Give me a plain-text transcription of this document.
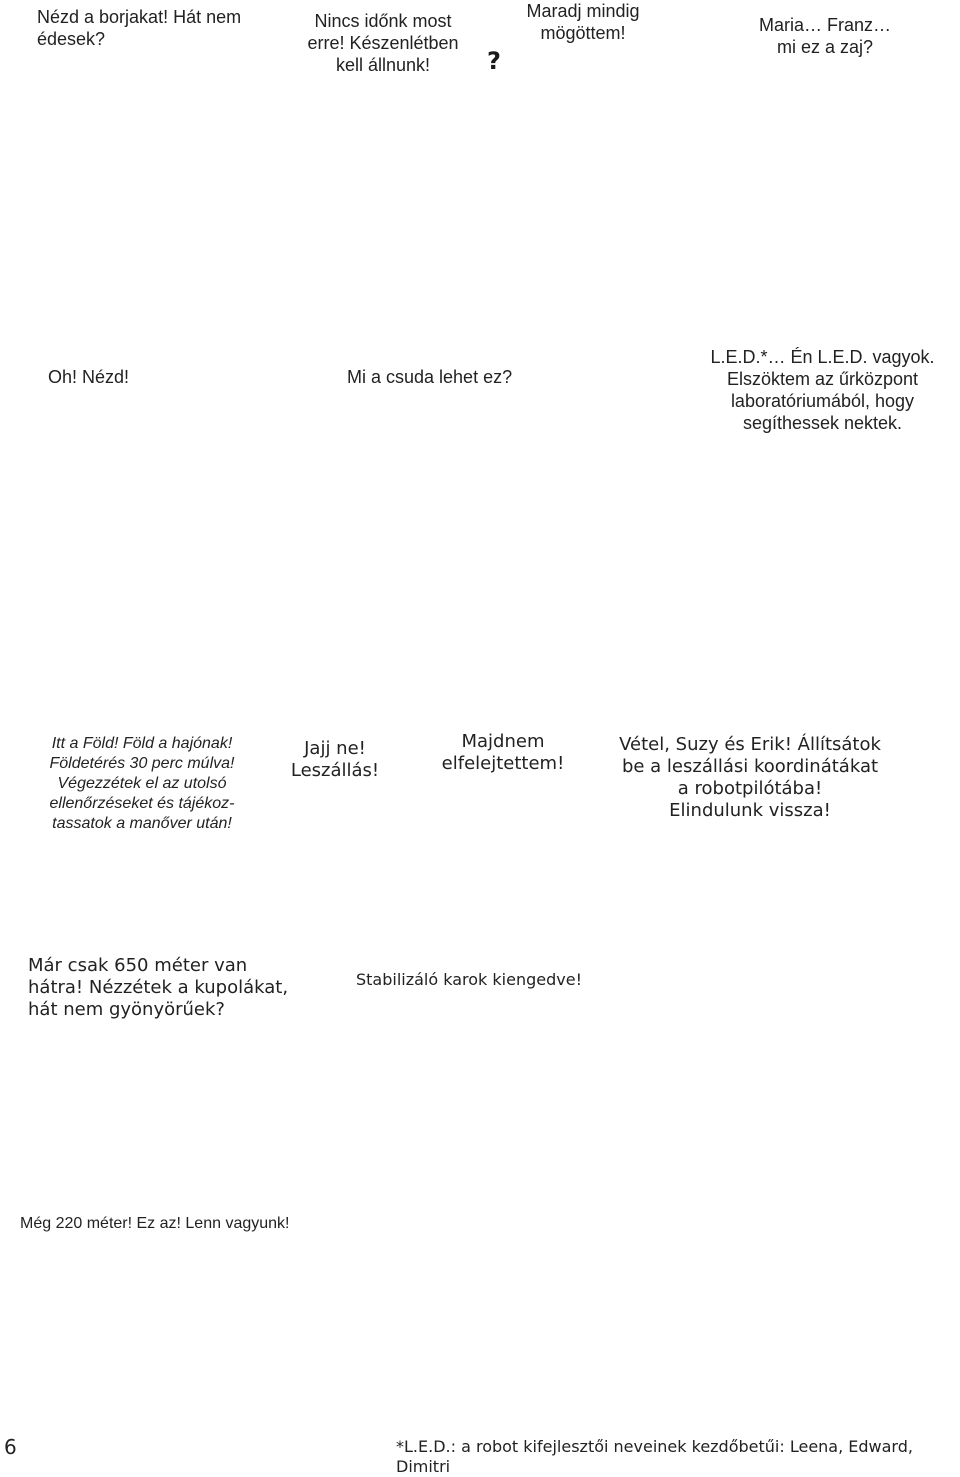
Nézd a borjakat! Hát nem
édesek?
Nincs időnk most
erre! Készenlétben
kell állnunk!	?
Maradj mindig
mögöttem!	Maria… Franz…
mi ez a zaj?
Oh! Nézd!	Mi a csuda lehet ez?
L.E.D.*… Én L.E.D. vagyok.
Elszöktem az űrközpont
laboratóriumából, hogy
segíthessek nektek.
Itt a Föld! Föld a hajónak!
Földetérés 30 perc múlva!
Végezzétek el az utolsó
ellenőrzéseket és tájékoz-
tassatok a manőver után!
Jajj ne!
Leszállás!
Majdnem
elfelejtettem!
Vétel, Suzy és Erik! Állítsátok
be a leszállási koordinátákat
a robotpilótába!
Elindulunk vissza!
Már csak 650 méter van
hátra! Nézzétek a kupolákat,
hát nem gyönyörűek?
Stabilizáló karok kiengedve!
Még 220 méter! Ez az! Lenn vagyunk!
6	*L.E.D.: a robot kifejlesztői neveinek kezdőbetűi: Leena, Edward, Dimitri
